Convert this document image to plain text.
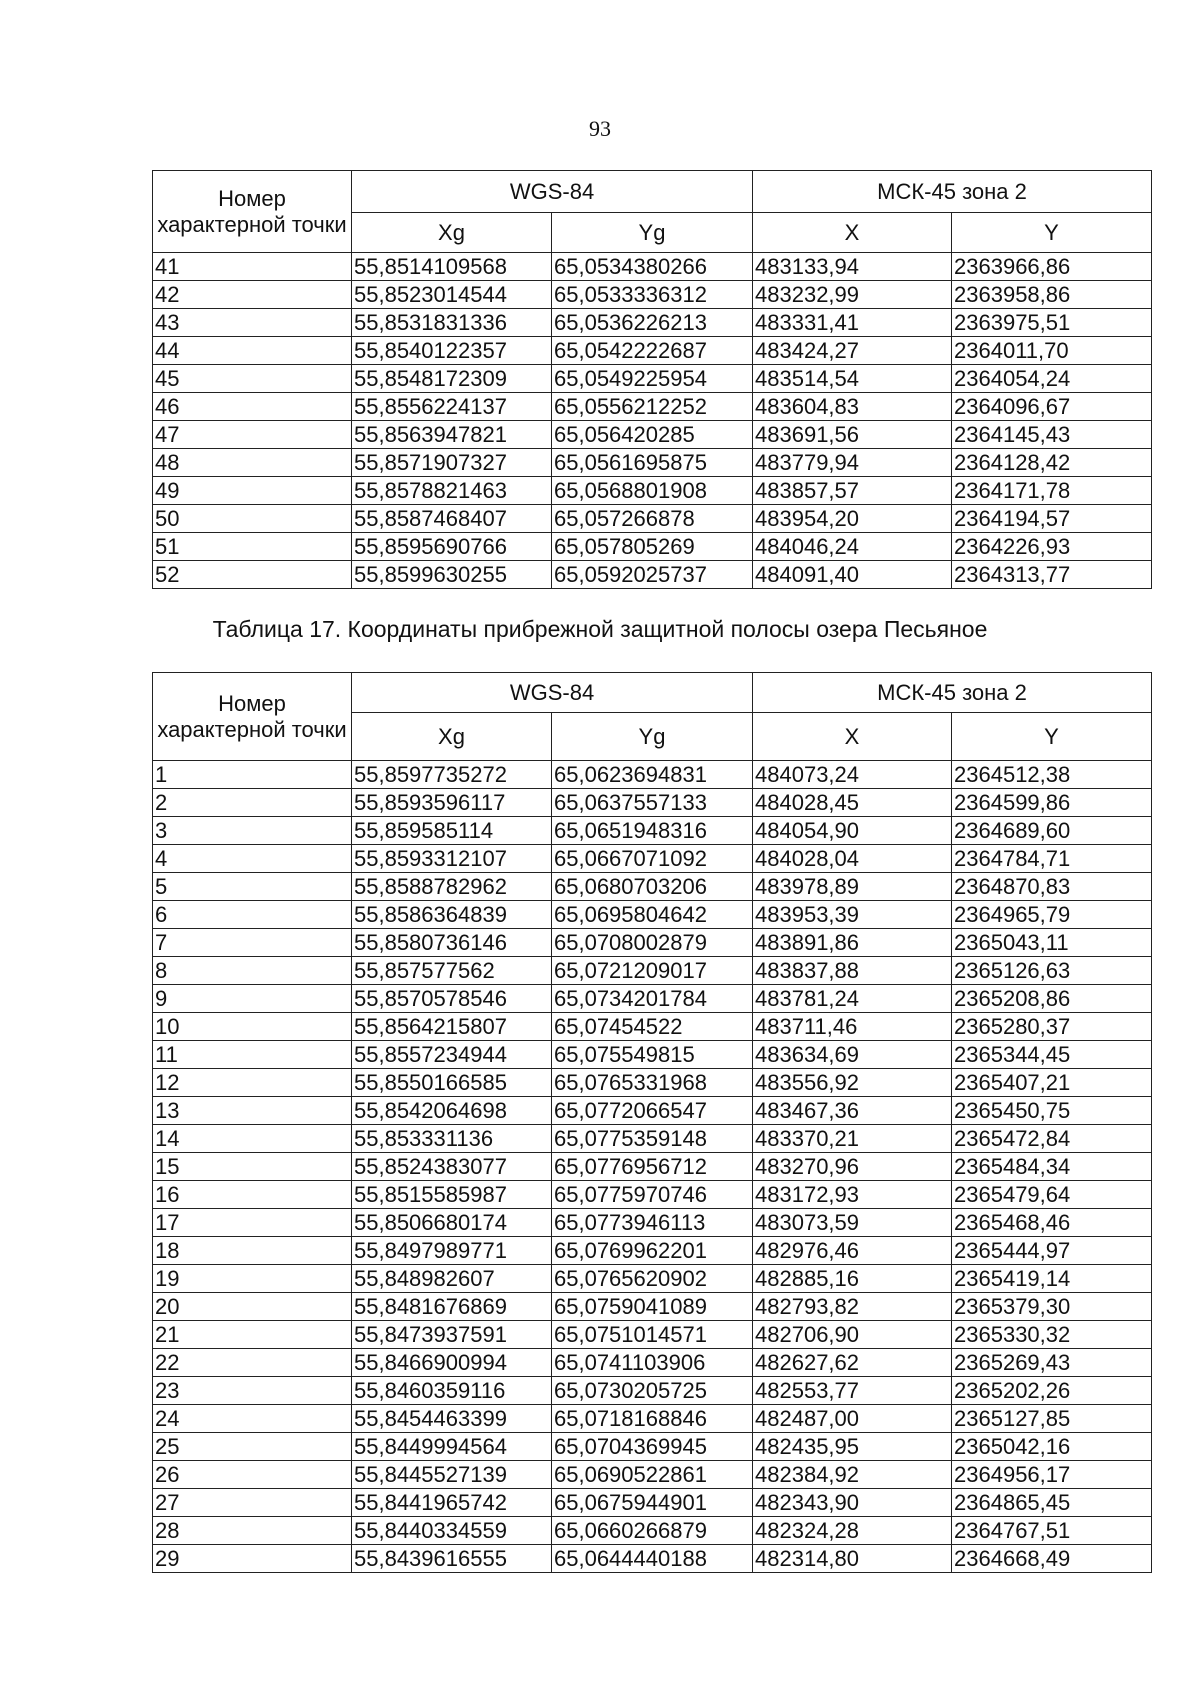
93
Номер характерной точки	WGS-84		МСК-45 зона 2	
	Xg	Yg	X	Y
41	55,8514109568	65,0534380266	483133,94	2363966,86
42	55,8523014544	65,0533336312	483232,99	2363958,86
43	55,8531831336	65,0536226213	483331,41	2363975,51
44	55,8540122357	65,0542222687	483424,27	2364011,70
45	55,8548172309	65,0549225954	483514,54	2364054,24
46	55,8556224137	65,0556212252	483604,83	2364096,67
47	55,8563947821	65,056420285	483691,56	2364145,43
48	55,8571907327	65,0561695875	483779,94	2364128,42
49	55,8578821463	65,0568801908	483857,57	2364171,78
50	55,8587468407	65,057266878	483954,20	2364194,57
51	55,8595690766	65,057805269	484046,24	2364226,93
52	55,8599630255	65,0592025737	484091,40	2364313,77
Таблица 17. Координаты прибрежной защитной полосы озера Песьяное
Номер характерной точки	WGS-84		МСК-45 зона 2	
	Xg	Yg	X	Y
1	55,8597735272	65,0623694831	484073,24	2364512,38
2	55,8593596117	65,0637557133	484028,45	2364599,86
3	55,859585114	65,0651948316	484054,90	2364689,60
4	55,8593312107	65,0667071092	484028,04	2364784,71
5	55,8588782962	65,0680703206	483978,89	2364870,83
6	55,8586364839	65,0695804642	483953,39	2364965,79
7	55,8580736146	65,0708002879	483891,86	2365043,11
8	55,857577562	65,0721209017	483837,88	2365126,63
9	55,8570578546	65,0734201784	483781,24	2365208,86
10	55,8564215807	65,07454522	483711,46	2365280,37
11	55,8557234944	65,075549815	483634,69	2365344,45
12	55,8550166585	65,0765331968	483556,92	2365407,21
13	55,8542064698	65,0772066547	483467,36	2365450,75
14	55,853331136	65,0775359148	483370,21	2365472,84
15	55,8524383077	65,0776956712	483270,96	2365484,34
16	55,8515585987	65,0775970746	483172,93	2365479,64
17	55,8506680174	65,0773946113	483073,59	2365468,46
18	55,8497989771	65,0769962201	482976,46	2365444,97
19	55,848982607	65,0765620902	482885,16	2365419,14
20	55,8481676869	65,0759041089	482793,82	2365379,30
21	55,8473937591	65,0751014571	482706,90	2365330,32
22	55,8466900994	65,0741103906	482627,62	2365269,43
23	55,8460359116	65,0730205725	482553,77	2365202,26
24	55,8454463399	65,0718168846	482487,00	2365127,85
25	55,8449994564	65,0704369945	482435,95	2365042,16
26	55,8445527139	65,0690522861	482384,92	2364956,17
27	55,8441965742	65,0675944901	482343,90	2364865,45
28	55,8440334559	65,0660266879	482324,28	2364767,51
29	55,8439616555	65,0644440188	482314,80	2364668,49
